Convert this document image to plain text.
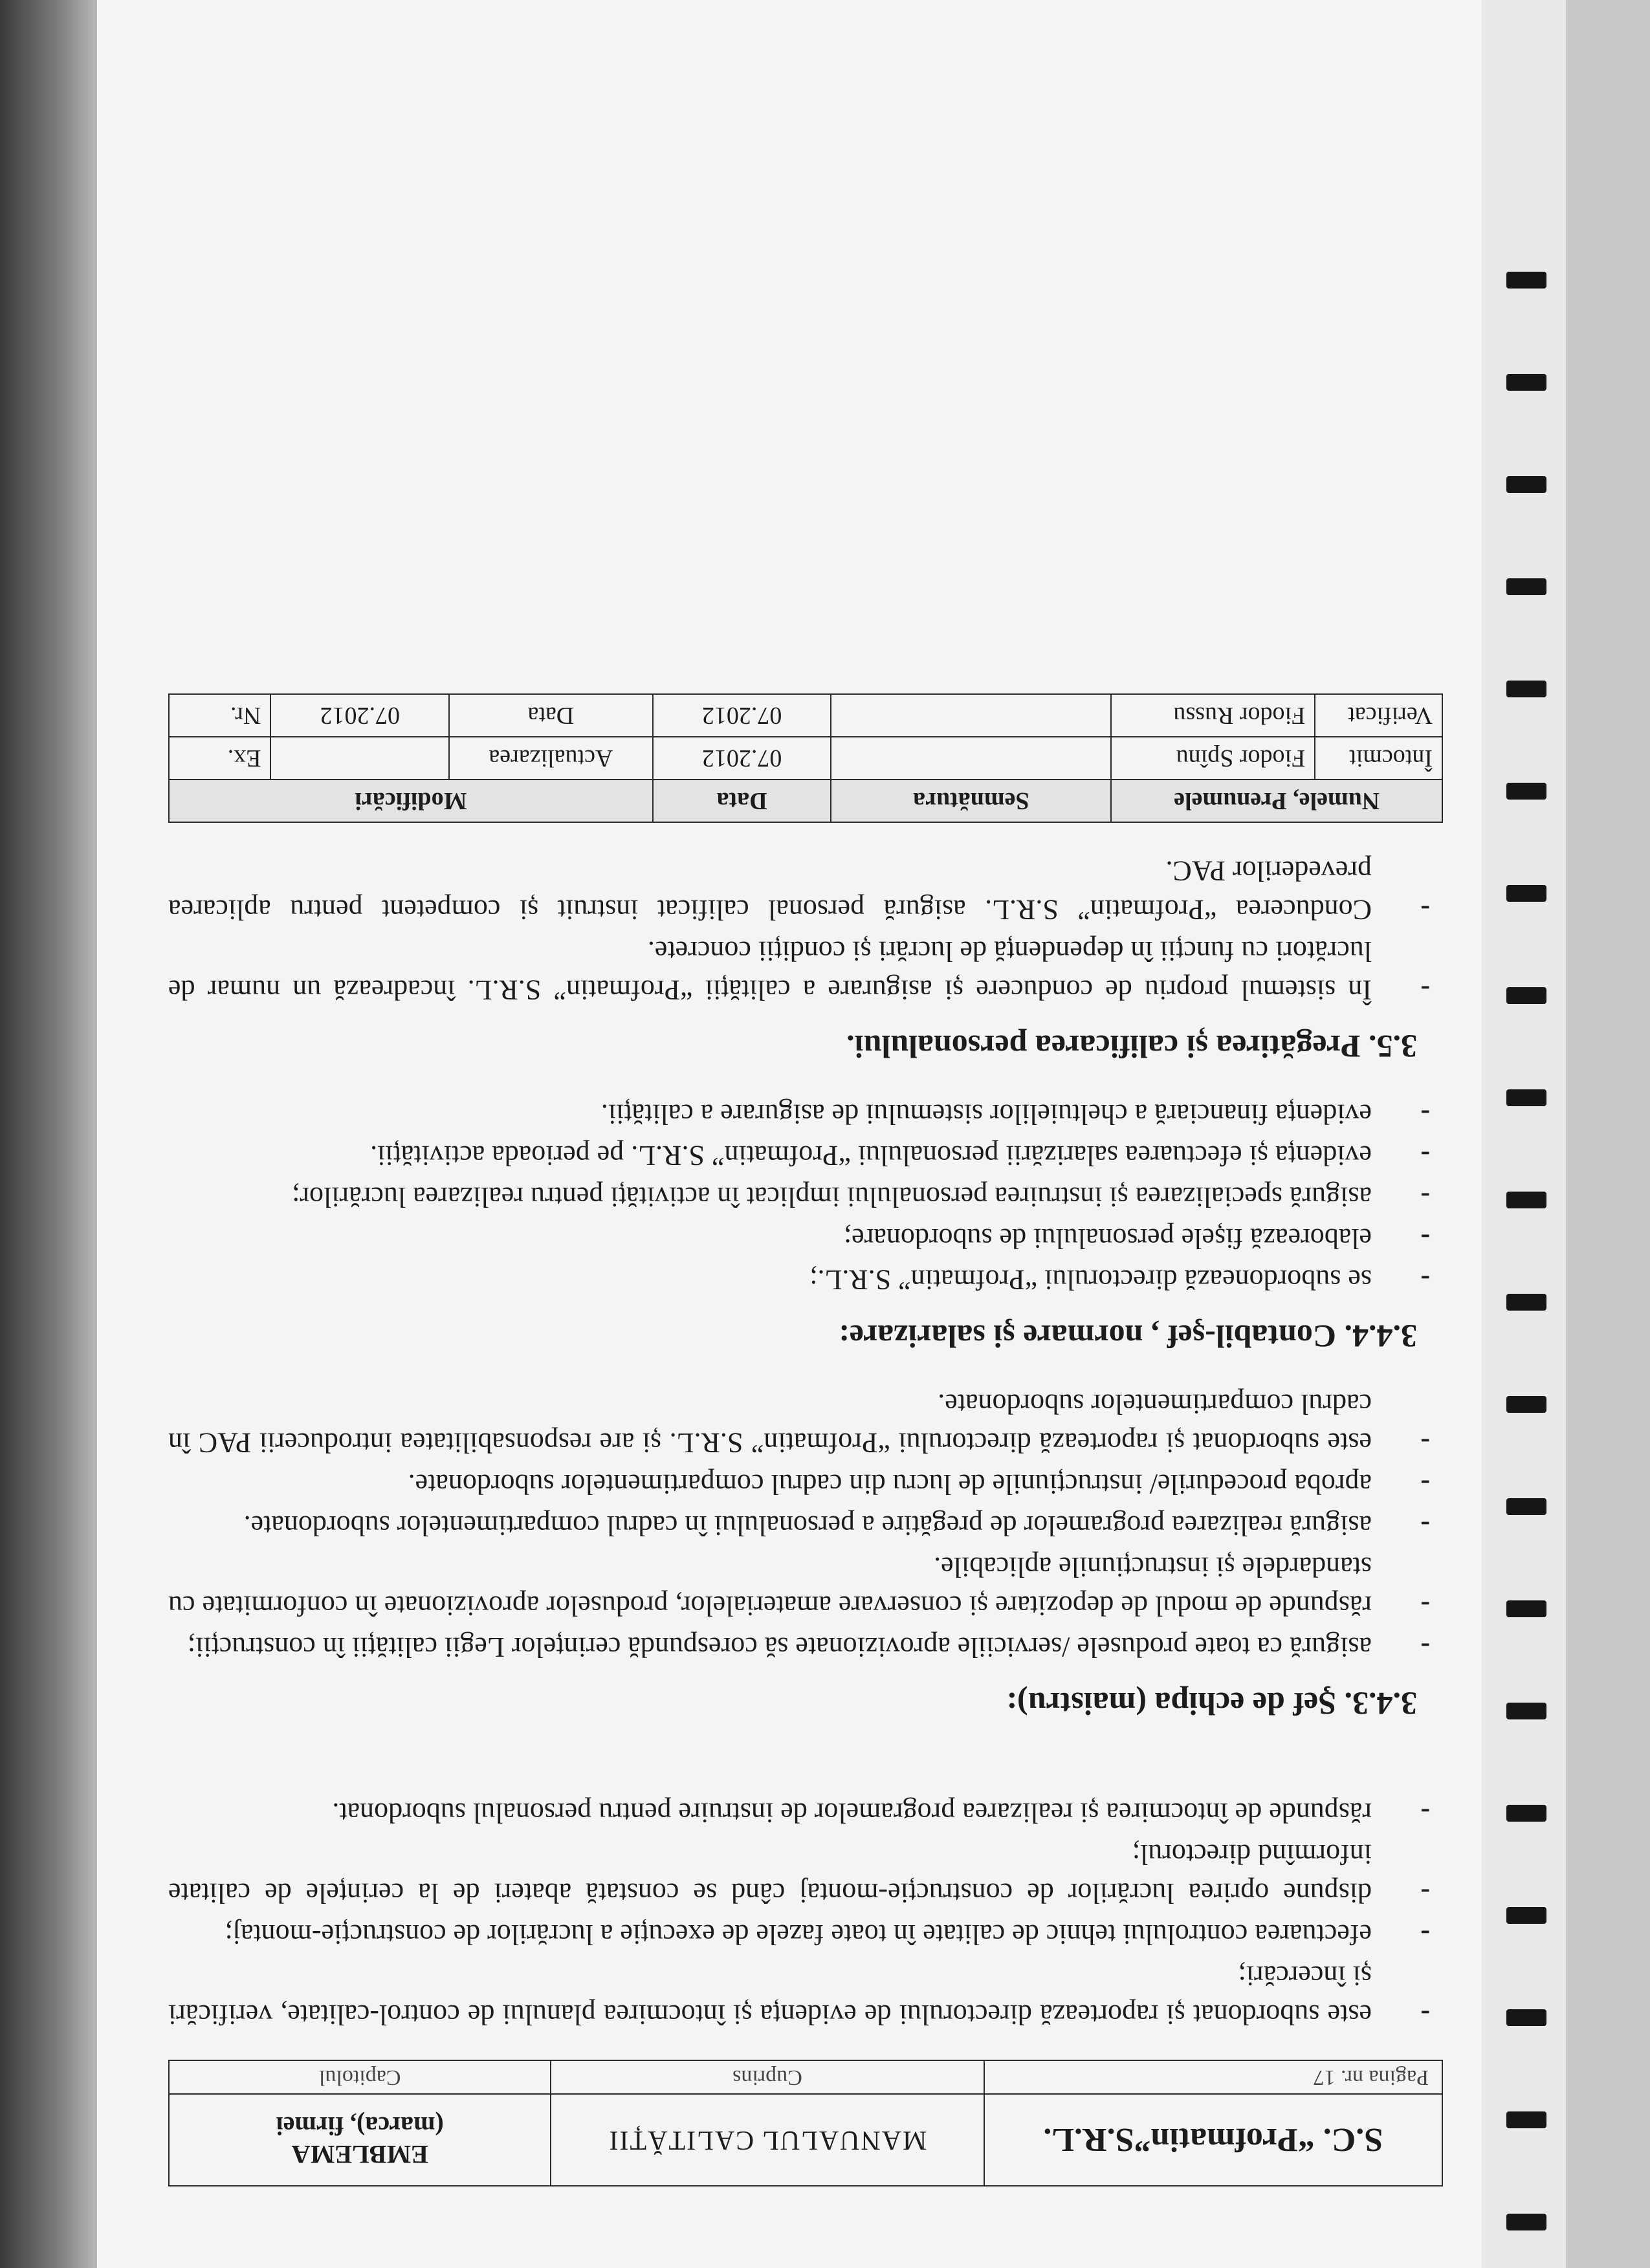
S.C. “Profmatin”S.R.L.	MANUALUL CALITĂȚII	EMBLEMA
(marca), firmei

Pagina nr. 17	Cuprins	Capitolul
- este subordonat și raportează directorului de evidența și întocmirea planului de control-calitate, verificări și încercări;
- efectuarea controlului tehnic de calitate în toate fazele de execuție a lucrărilor de construcție-montaj;
- dispune oprirea lucrărilor de construcție-montaj când se constată abateri de la cerințele de calitate informînd directorul;
- răspunde de întocmirea și realizarea programelor de instruire pentru personalul subordonat.
3.4.3. Şef de echipa (maistru):
- asigură ca toate produsele /serviciile aprovizionate să corespundă cerințelor Legii calității în construcții;
- răspunde de modul de depozitare și conservare amaterialelor, produselor aprovizionate în conformitate cu standardele și instrucțiunile aplicabile.
- asigură realizarea programelor de pregătire a personalului în cadrul compartimentelor subordonate.
- aproba procedurile/ instrucțiunile de lucru din cadrul compartimentelor subordonate.
- este subordonat și raportează directorului “Profmatin” S.R.L. și are responsabilitatea introducerii PAC în cadrul compartimentelor subordonate.
3.4.4. Contabil-şef , normare şi salarizare:
- se subordonează directorului “Profmatin” S.R.L.;
- elaborează fișele personalului de subordonare;
- asigură specializarea și instruirea personalului implicat în activități pentru realizarea lucrărilor;
- evidența și efectuarea salarizării personalului “Profmatin” S.R.L. pe perioada activității.
- evidența financiară a cheltuielilor sistemului de asigurare a calității.
3.5. Pregătirea și calificarea personalului.
- În sistemul propriu de conducere și asigurare a calității “Profmatin” S.R.L. încadrează un numar de lucrători cu funcții în dependență de lucrări și condiții concrete.
- Conducerea “Profmatin” S.R.L. asigură personal calificat instruit și competent pentru aplicarea prevederilor PAC.
Numele, Prenumele		Semnătura	Data	Modificări		
Întocmit	Fiodor Spînu		07.2012	Actualizarea		Ex.
Verificat	Fiodor Russu		07.2012	Data	07.2012	Nr.
